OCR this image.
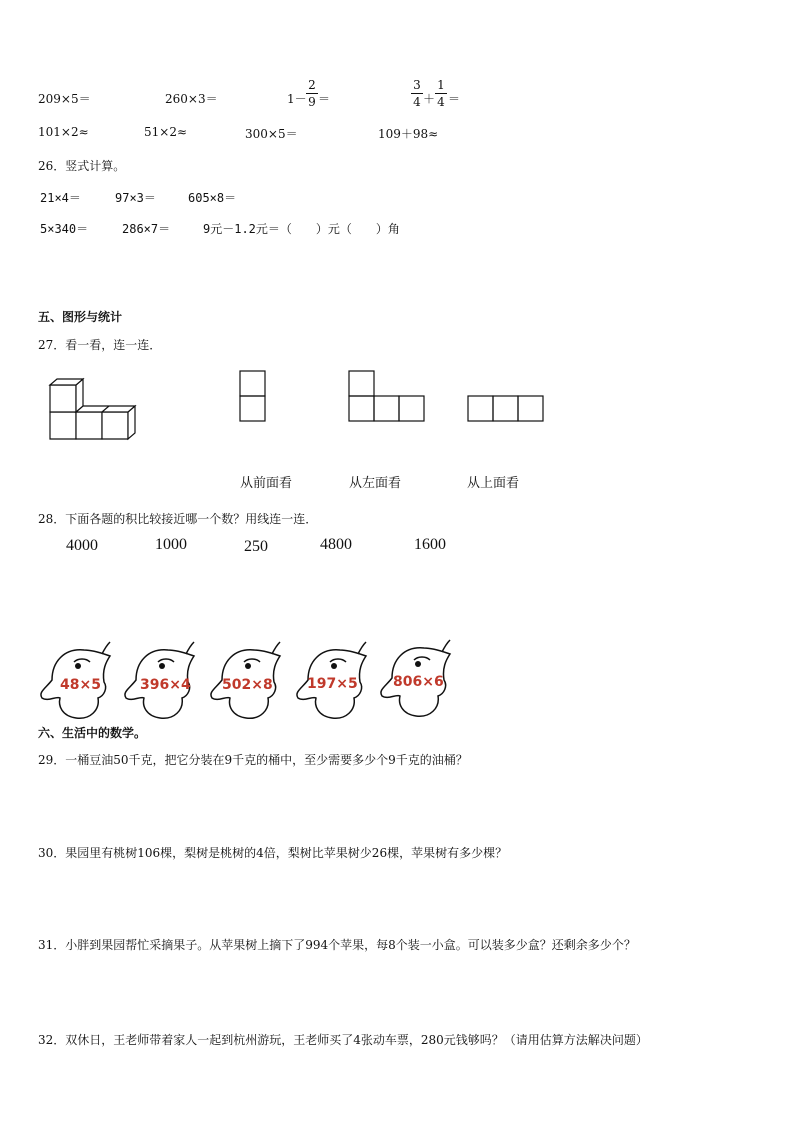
209×5＝	260×3＝	1－
2
9 ＝
3
4 ＋
1
4 ＝
101×2≈	51×2≈	300×5＝	109＋98≈
26．竖式计算。
21×4＝	97×3＝	605×8＝
5×340＝	286×7＝	9元－1.2元＝（　　）元（　　）角
五、图形与统计
27．看一看，连一连．
从前面看	从左面看	从上面看
28．下面各题的积比较接近哪一个数？用线连一连．
4000	1000	250	4800	1600
48×5	396×4 502×8 197×5	806×6
六、生活中的数学。
29．一桶豆油50千克，把它分装在9千克的桶中，至少需要多少个9千克的油桶？
30．果园里有桃树106棵，梨树是桃树的4倍，梨树比苹果树少26棵，苹果树有多少棵？
31．小胖到果园帮忙采摘果子。从苹果树上摘下了994个苹果，每8个装一小盒。可以装多少盒？还剩余多少个？
32．双休日，王老师带着家人一起到杭州游玩，王老师买了4张动车票，280元钱够吗？（请用估算方法解决问题）
